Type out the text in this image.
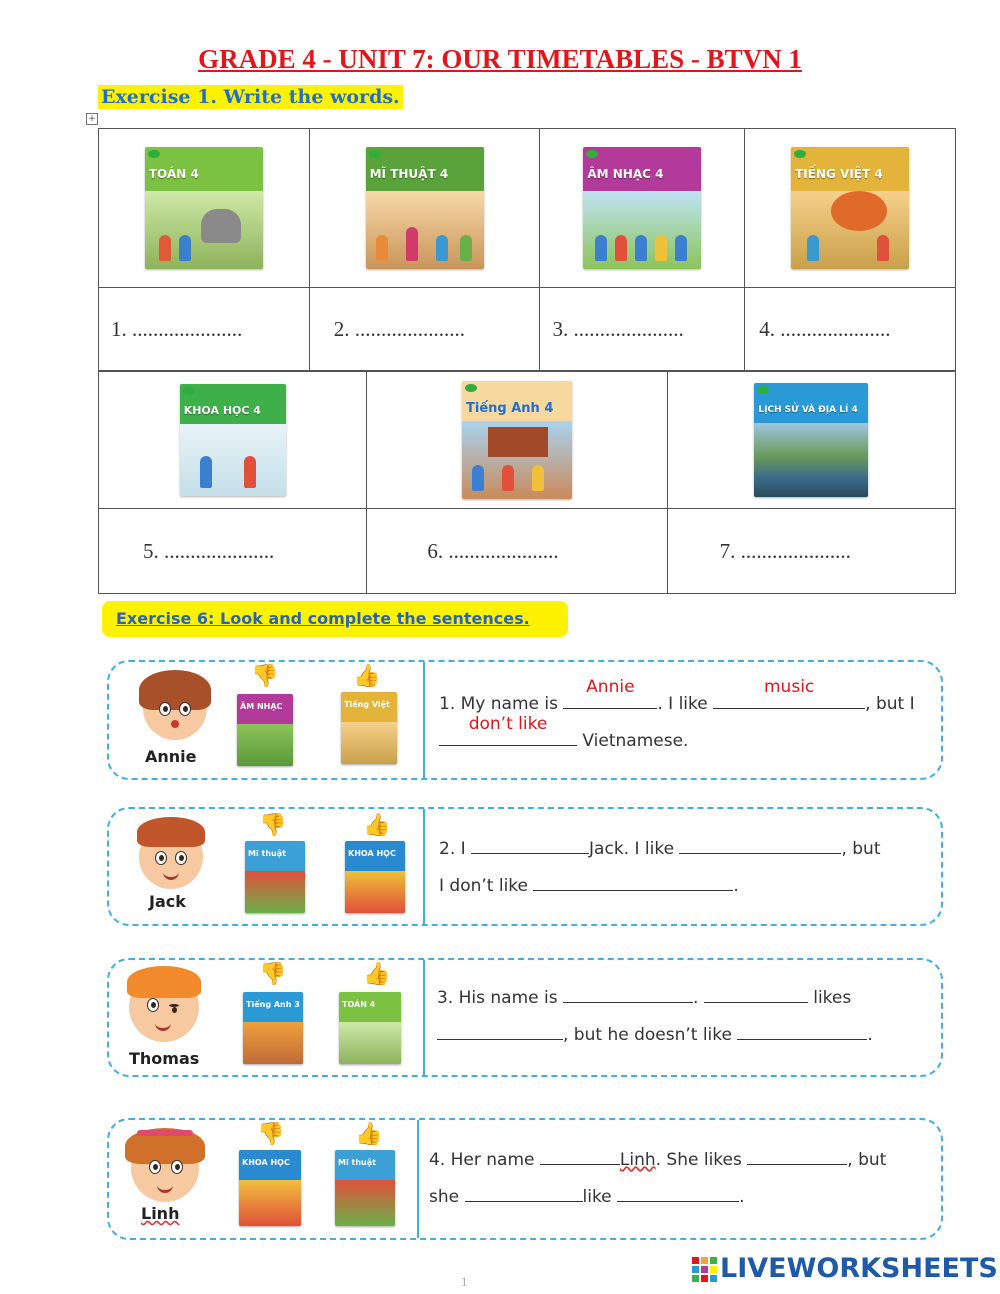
GRADE 4 - UNIT 7: OUR TIMETABLES - BTVN 1
Exercise 1. Write the words.
+
TOÁN 4	MĨ THUẬT 4	ÂM NHẠC 4	TIẾNG VIỆT 4

1. .....................	2. .....................	3. .....................	4. .....................
KHOA HỌC 4	Tiếng Anh 4	LỊCH SỬ VÀ ĐỊA LÍ 4

5. .....................	6. .....................	7. .....................
Exercise 6: Look and complete the sentences.
Annie
👎
ÂM NHẠC
👍
Tiếng Việt	1. My name is
Annie
. I like
music
, but I
don’t like
Vietnamese.
Jack
👎
Mĩ thuật
👍
KHOA HỌC	2. I	Jack. I like	, but
I don’t like	.
Thomas
👎
Tiếng Anh 3
👍
TOÁN 4	3. His name is	.	likes
, but he doesn’t like	.
Linh
👎
KHOA HỌC
👍
Mĩ thuật	4. Her name	Linh. She likes	, but
she	like	.
1	LIVEWORKSHEETS
